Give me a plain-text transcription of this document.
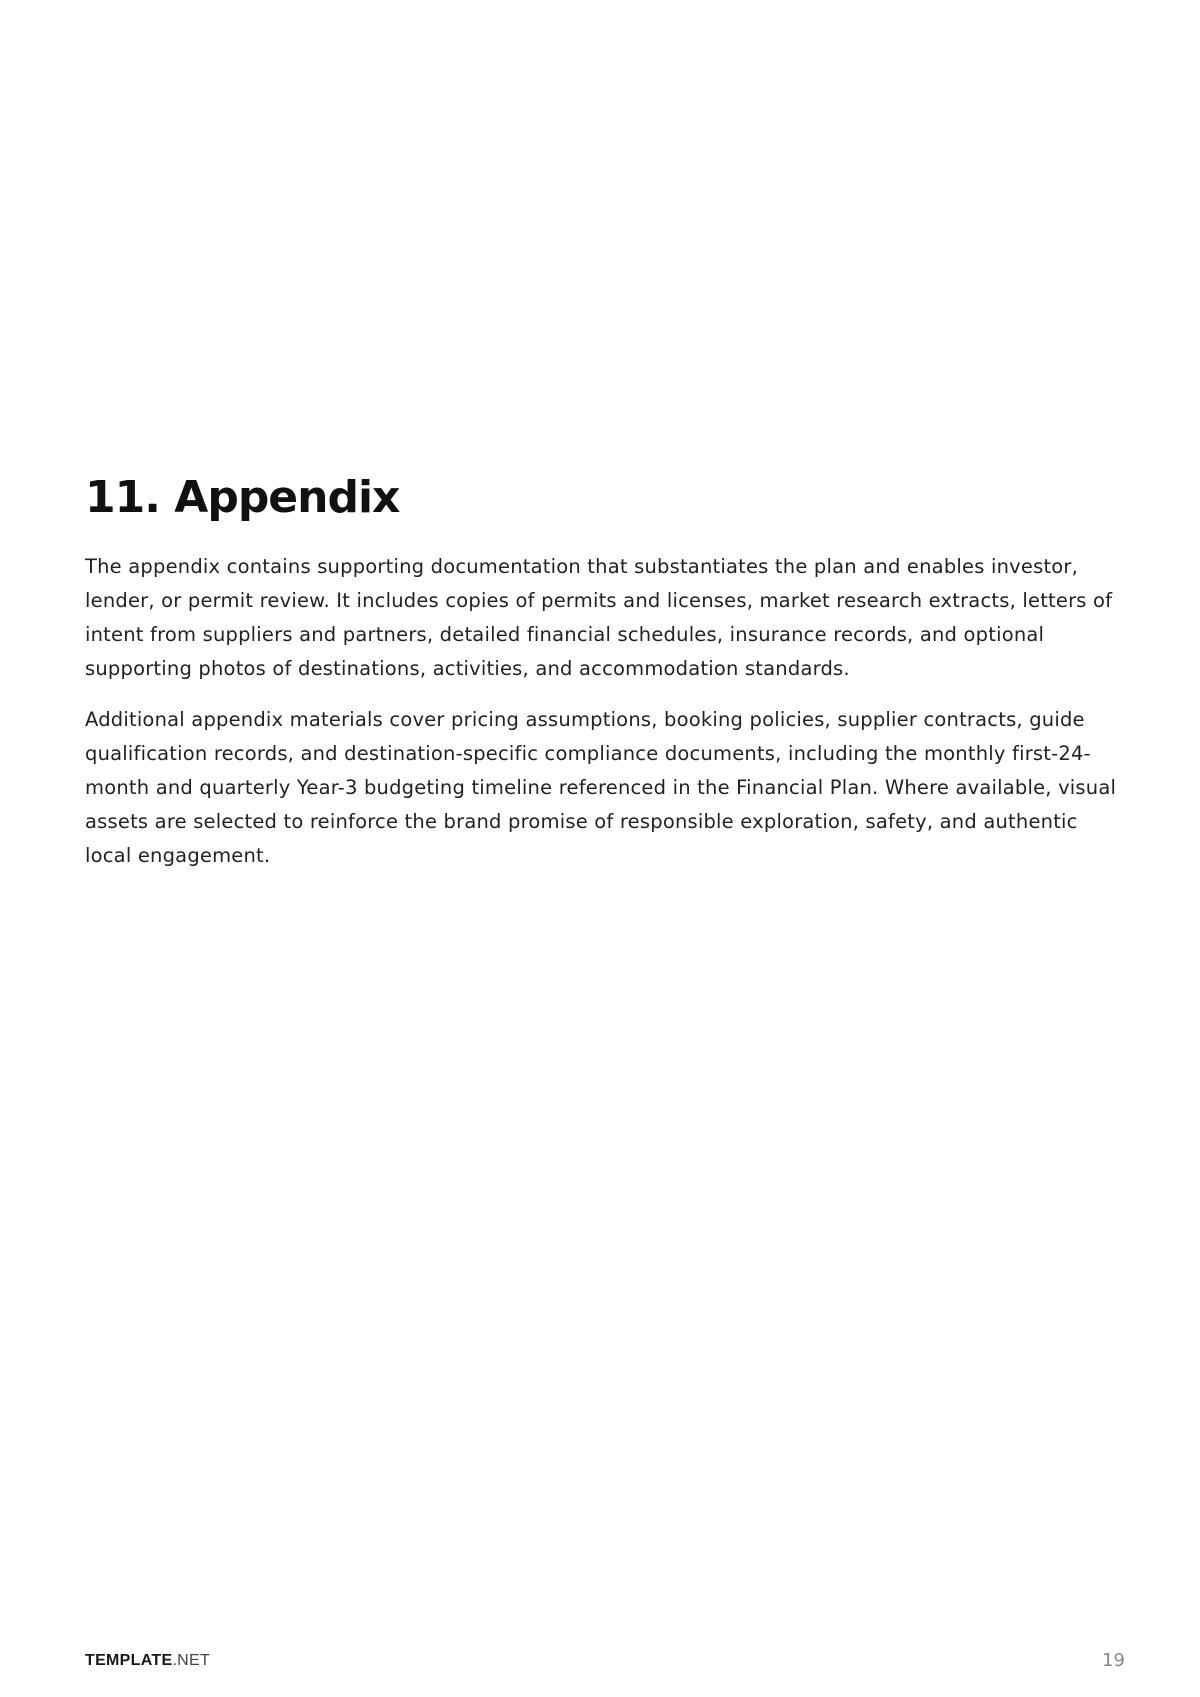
11. Appendix

The appendix contains supporting documentation that substantiates the plan and enables investor, lender, or permit review. It includes copies of permits and licenses, market research extracts, letters of intent from suppliers and partners, detailed financial schedules, insurance records, and optional supporting photos of destinations, activities, and accommodation standards.

Additional appendix materials cover pricing assumptions, booking policies, supplier contracts, guide qualification records, and destination-specific compliance documents, including the monthly first-24-month and quarterly Year-3 budgeting timeline referenced in the Financial Plan. Where available, visual assets are selected to reinforce the brand promise of responsible exploration, safety, and authentic local engagement.

TEMPLATE.NET	19
